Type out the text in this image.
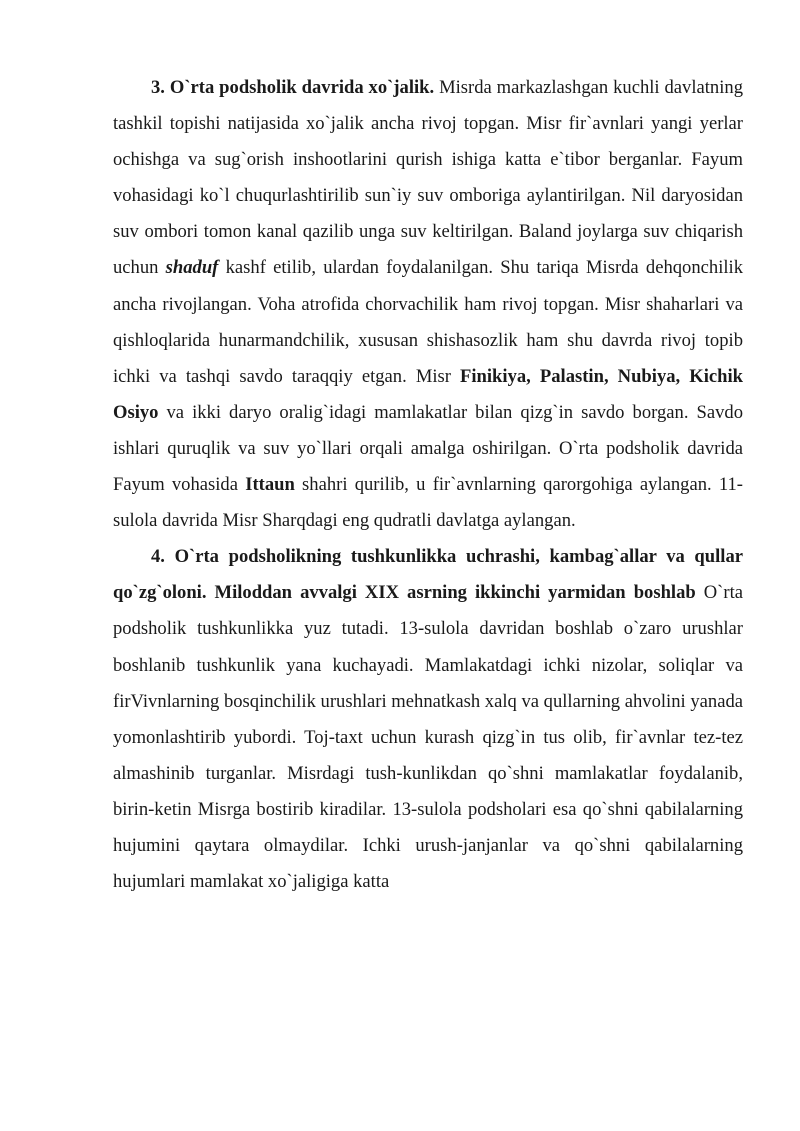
3. O`rta podsholik davrida xo`jalik. Misrda markazlashgan kuchli davlatning tashkil topishi natijasida xo`jalik ancha rivoj topgan. Misr fir`avnlari yangi yerlar ochishga va sug`orish inshootlarini qurish ishiga katta e`tibor berganlar. Fayum vohasidagi ko`l chuqurlashtirilib sun`iy suv omboriga aylantirilgan. Nil daryosidan suv ombori tomon kanal qazilib unga suv keltirilgan. Baland joylarga suv chiqarish uchun shaduf kashf etilib, ulardan foydalanilgan. Shu tariqa Misrda dehqonchilik ancha rivojlangan. Voha atrofida chorvachilik ham rivoj topgan. Misr shaharlari va qishloqlarida hunarmandchilik, xususan shishasozlik ham shu davrda rivoj topib ichki va tashqi savdo taraqqiy etgan. Misr Finikiya, Palastin, Nubiya, Kichik Osiyo va ikki daryo oralig`idagi mamlakatlar bilan qizg`in savdo borgan. Savdo ishlari quruqlik va suv yo`llari orqali amalga oshirilgan. O`rta podsholik davrida Fayum vohasida Ittaun shahri qurilib, u fir`avnlarning qarorgohiga aylangan. 11-sulola davrida Misr Sharqdagi eng qudratli davlatga aylangan.

4. O`rta podsholikning tushkunlikka uchrashi, kambag`allar va qullar qo`zg`oloni. Miloddan avvalgi XIX asrning ikkinchi yarmidan boshlab O`rta podsholik tushkunlikka yuz tutadi. 13-sulola davridan boshlab o`zaro urushlar boshlanib tushkunlik yana kuchayadi. Mamlakatdagi ichki nizolar, soliqlar va firVivnlarning bosqinchilik urushlari mehnatkash xalq va qullarning ahvolini yanada yomonlashtirib yubordi. Toj-taxt uchun kurash qizg`in tus olib, fir`avnlar tez-tez almashinib turganlar. Misrdagi tush-kunlikdan qo`shni mamlakatlar foydalanib, birin-ketin Misrga bostirib kiradilar. 13-sulola podsholari esa qo`shni qabilalarning hujumini qaytara olmaydilar. Ichki urush-janjanlar va qo`shni qabilalarning hujumlari mamlakat xo`jaligiga katta
